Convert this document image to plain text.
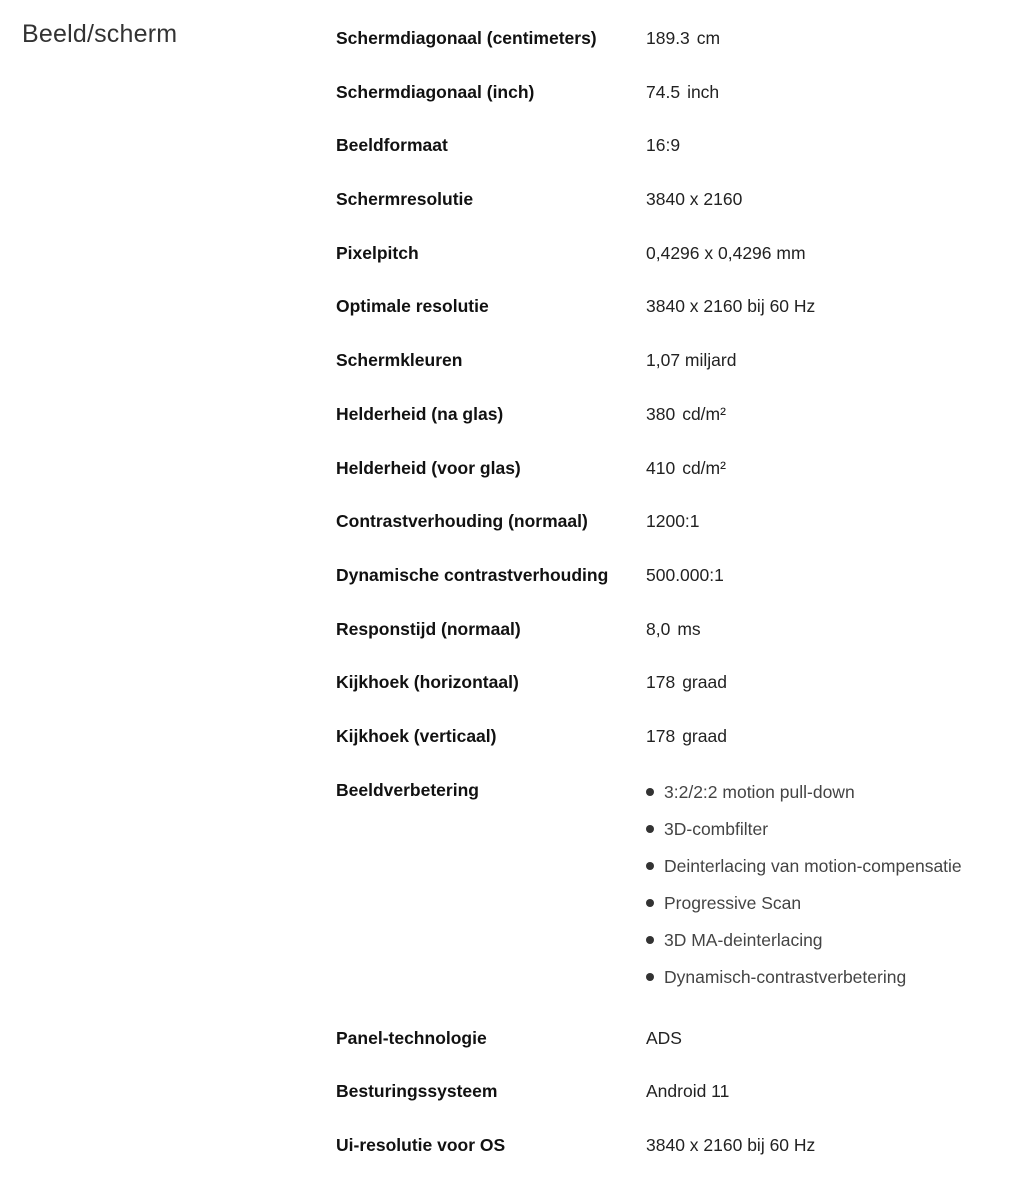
Beeld/scherm	Schermdiagonaal (centimeters)	189.3 cm
Schermdiagonaal (inch)	74.5 inch
Beeldformaat	16:9
Schermresolutie	3840 x 2160
Pixelpitch	0,4296 x 0,4296 mm
Optimale resolutie	3840 x 2160 bij 60 Hz
Schermkleuren	1,07 miljard
Helderheid (na glas)	380 cd/m²
Helderheid (voor glas)	410 cd/m²
Contrastverhouding (normaal)	1200:1
Dynamische contrastverhouding	500.000:1
Responstijd (normaal)	8,0 ms
Kijkhoek (horizontaal)	178 graad
Kijkhoek (verticaal)	178 graad
Beeldverbetering	3:2/2:2 motion pull-down
3D-combfilter
Deinterlacing van motion-compensatie
Progressive Scan
3D MA-deinterlacing
Dynamisch-contrastverbetering
Panel-technologie	ADS
Besturingssysteem	Android 11
Ui-resolutie voor OS	3840 x 2160 bij 60 Hz
